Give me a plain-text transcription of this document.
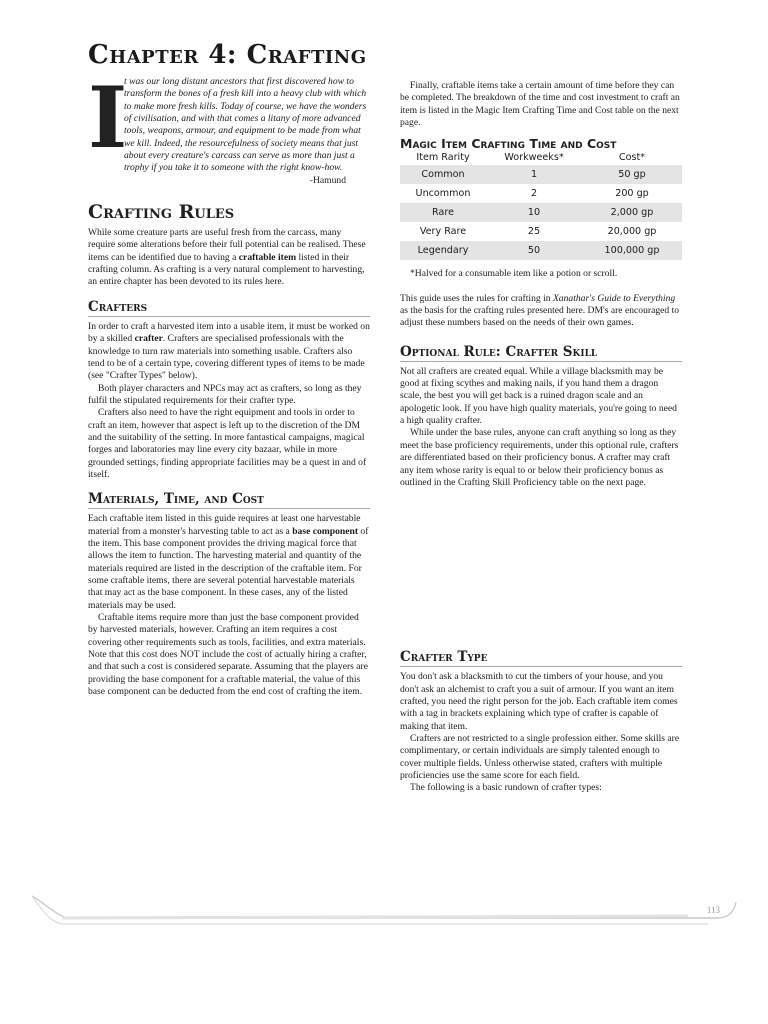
Chapter 4: Crafting
I

t was our long distant ancestors that first discovered how to transform the bones of a fresh kill into a heavy club with which to make more fresh kills. Today of course, we have the wonders of civilisation, and with that comes a litany of more advanced tools, weapons, armour, and equipment to be made from what we kill. Indeed, the resourcefulness of society means that just about every creature's carcass can serve as more than just a trophy if you take it to someone with the right know-how.

-Hamund
Crafting Rules

While some creature parts are useful fresh from the carcass, many require some alterations before their full potential can be realised. These items can be identified due to having a craftable item listed in their crafting column. As crafting is a very natural complement to harvesting, an entire chapter has been devoted to its rules here.

Crafters

In order to craft a harvested item into a usable item, it must be worked on by a skilled crafter. Crafters are specialised professionals with the knowledge to turn raw materials into something usable. Crafters also tend to be of a certain type, covering different types of items to be made (see "Crafter Types" below).

Both player characters and NPCs may act as crafters, so long as they fulfil the stipulated requirements for their crafter type.

Crafters also need to have the right equipment and tools in order to craft an item, however that aspect is left up to the discretion of the DM and the suitability of the setting. In more fantastical campaigns, magical forges and laboratories may line every city bazaar, while in more grounded settings, finding appropriate facilities may be a quest in and of itself.

Materials, Time, and Cost

Each craftable item listed in this guide requires at least one harvestable material from a monster's harvesting table to act as a base component of the item. This base component provides the driving magical force that allows the item to function. The harvesting material and quantity of the materials required are listed in the description of the craftable item. For some craftable items, there are several potential harvestable materials that may act as the base component. In these cases, any of the listed materials may be used.

Craftable items require more than just the base component provided by harvested materials, however. Crafting an item requires a cost covering other requirements such as tools, facilities, and extra materials. Note that this cost does NOT include the cost of actually hiring a crafter, and that such a cost is considered separate. Assuming that the players are providing the base component for a craftable material, the value of this base component can be deducted from the end cost of crafting the item.

Finally, craftable items take a certain amount of time before they can be completed. The breakdown of the time and cost investment to craft an item is listed in the Magic Item Crafting Time and Cost table on the next page.

Magic Item Crafting Time and Cost
Item Rarity	Workweeks*	Cost*
Common	1	50 gp
Uncommon	2	200 gp
Rare	10	2,000 gp
Very Rare	25	20,000 gp
Legendary	50	100,000 gp

*Halved for a consumable item like a potion or scroll.

This guide uses the rules for crafting in Xanathar's Guide to Everything as the basis for the crafting rules presented here. DM's are encouraged to adjust these numbers based on the needs of their own games.

Optional Rule: Crafter Skill

Not all crafters are created equal. While a village blacksmith may be good at fixing scythes and making nails, if you hand them a dragon scale, the best you will get back is a ruined dragon scale and an apologetic look. If you have high quality materials, you're going to need a high quality crafter.

While under the base rules, anyone can craft anything so long as they meet the base proficiency requirements, under this optional rule, crafters are differentiated based on their proficiency bonus. A crafter may craft any item whose rarity is equal to or below their proficiency bonus as outlined in the Crafting Skill Proficiency table on the next page.

Crafter Type

You don't ask a blacksmith to cut the timbers of your house, and you don't ask an alchemist to craft you a suit of armour. If you want an item crafted, you need the right person for the job. Each craftable item comes with a tag in brackets explaining which type of crafter is capable of making that item.

Crafters are not restricted to a single profession either. Some skills are complimentary, or certain individuals are simply talented enough to cover multiple fields. Unless otherwise stated, crafters with multiple proficiencies use the same score for each field.

The following is a basic rundown of crafter types:

113
